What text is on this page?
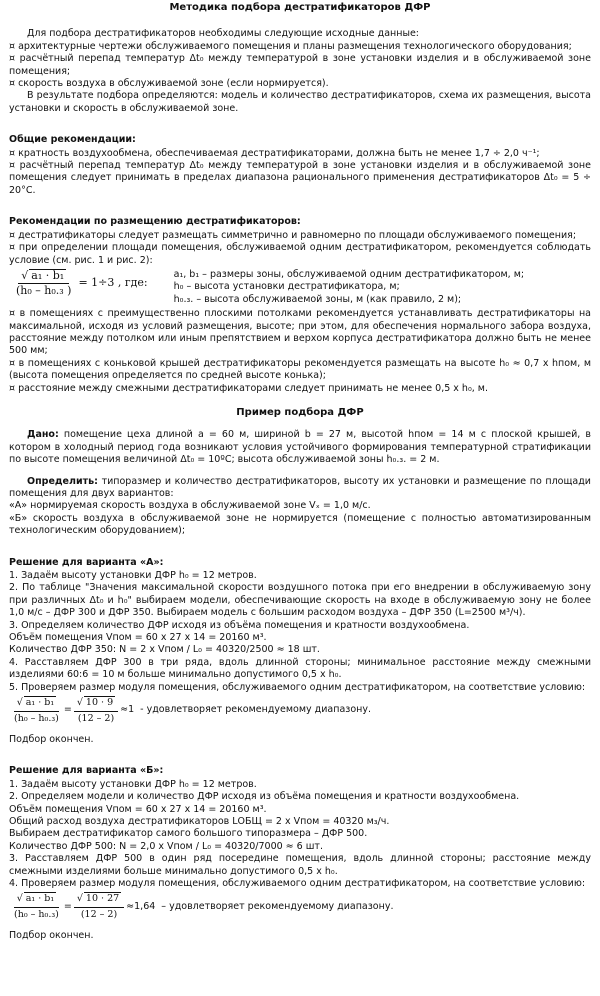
Методика подбора дестратификаторов ДФР

Для подбора дестратификаторов необходимы следующие исходные данные:

¤ архитектурные чертежи обслуживаемого помещения и планы размещения технологического оборудования;

¤ расчётный перепад температур Δt₀ между температурой в зоне установки изделия и в обслуживаемой зоне помещения;

¤ скорость воздуха в обслуживаемой зоне (если нормируется).

В результате подбора определяются: модель и количество дестратификаторов, схема их размещения, высота установки и скорость в обслуживаемой зоне.

Общие рекомендации:

¤ кратность воздухообмена, обеспечиваемая дестратификаторами, должна быть не менее 1,7 ÷ 2,0 ч⁻¹;

¤ расчётный перепад температур Δt₀ между температурой в зоне установки изделия и в обслуживаемой зоне помещения следует принимать в пределах диапазона рационального применения дестратификаторов Δt₀ = 5 ÷ 20°С.

Рекомендации по размещению дестратификаторов:

¤ дестратификаторы следует размещать симметрично и равномерно по площади обслуживаемого помещения;

¤ при определении площади помещения, обслуживаемой одним дестратификатором, рекомендуется соблюдать условие (см. рис. 1 и рис. 2):

$\frac{\text{√ a₁ · b₁}}{\text{(h₀ – h₀.₃ )}} = 1\div 3$ , где:

a₁, b₁ – размеры зоны, обслуживаемой одним дестратификатором, м;

h₀ – высота установки дестратификатора, м;

h₀.₃. – высота обслуживаемой зоны, м (как правило, 2 м);

¤ в помещениях с преимущественно плоскими потолками рекомендуется устанавливать дестратификаторы на максимальной, исходя из условий размещения, высоте; при этом, для обеспечения нормального забора воздуха, расстояние между потолком или иным препятствием и верхом корпуса дестратификатора должно быть не менее 500 мм;

¤ в помещениях с коньковой крышей дестратификаторы рекомендуется размещать на высоте h₀ ≈ 0,7 х hпом, м (высота помещения определяется по средней высоте конька);

¤ расстояние между смежными дестратификаторами следует принимать не менее 0,5 х h₀, м.

Пример подбора ДФР

Дано: помещение цеха длиной a = 60 м, шириной b = 27 м, высотой hпом = 14 м с плоской крышей, в котором в холодный период года возникают условия устойчивого формирования температурной стратификации по высоте помещения величиной Δt₀ = 10ºС; высота обслуживаемой зоны h₀.₃. = 2 м.

Определить: типоразмер и количество дестратификаторов, высоту их установки и размещение по площади помещения для двух вариантов:

«А» нормируемая скорость воздуха в обслуживаемой зоне Vₓ = 1,0 м/с.

«Б» скорость воздуха в обслуживаемой зоне не нормируется (помещение с полностью автоматизированным технологическим оборудованием);

Решение для варианта «А»:

1. Задаём высоту установки ДФР h₀ = 12 метров.

2. По таблице "Значения максимальной скорости воздушного потока при его внедрении в обслуживаемую зону при различных Δt₀ и h₀" выбираем модели, обеспечивающие скорость на входе в обслуживаемую зону не более 1,0 м/с – ДФР 300 и ДФР 350. Выбираем модель с большим расходом воздуха – ДФР 350 (L=2500 м³/ч).

3. Определяем количество ДФР исходя из объёма помещения и кратности воздухообмена.

Объём помещения Vпом = 60 х 27 х 14 = 20160 м³.

Количество ДФР 350: N = 2 х Vпом / L₀ = 40320/2500 ≈ 18 шт.

4. Расставляем ДФР 300 в три ряда, вдоль длинной стороны; минимальное расстояние между смежными изделиями 60:6 = 10 м больше минимально допустимого 0,5 х h₀.

5. Проверяем размер модуля помещения, обслуживаемого одним дестратификатором, на соответствие условию:

$\frac{\text{√ a₁ · b₁}}{\text{(h₀ – h₀.₃)}} = \frac{√ 10 \cdot 9}{(12 - 2)} \approx 1$ - удовлетворяет рекомендуемому диапазону.

Подбор окончен.

Решение для варианта «Б»:

1. Задаём высоту установки ДФР h₀ = 12 метров.

2. Определяем модели и количество ДФР исходя из объёма помещения и кратности воздухообмена.

Объём помещения Vпом = 60 х 27 х 14 = 20160 м³.

Общий расход воздуха дестратификаторов LОБЩ = 2 х Vпом = 40320 м₃/ч.

Выбираем дестратификатор самого большого типоразмера – ДФР 500.

Количество ДФР 500: N = 2,0 х Vпом / L₀ = 40320/7000 ≈ 6 шт.

3. Расставляем ДФР 500 в один ряд посередине помещения, вдоль длинной стороны; расстояние между смежными изделиями больше минимально допустимого 0,5 х h₀.

4. Проверяем размер модуля помещения, обслуживаемого одним дестратификатором, на соответствие условию:

$\frac{\text{√ a₁ · b₁}}{\text{(h₀ – h₀.₃)}} = \frac{√ 10 \cdot 27}{(12 - 2)} \approx 1,64$ – удовлетворяет рекомендуемому диапазону.

Подбор окончен.
